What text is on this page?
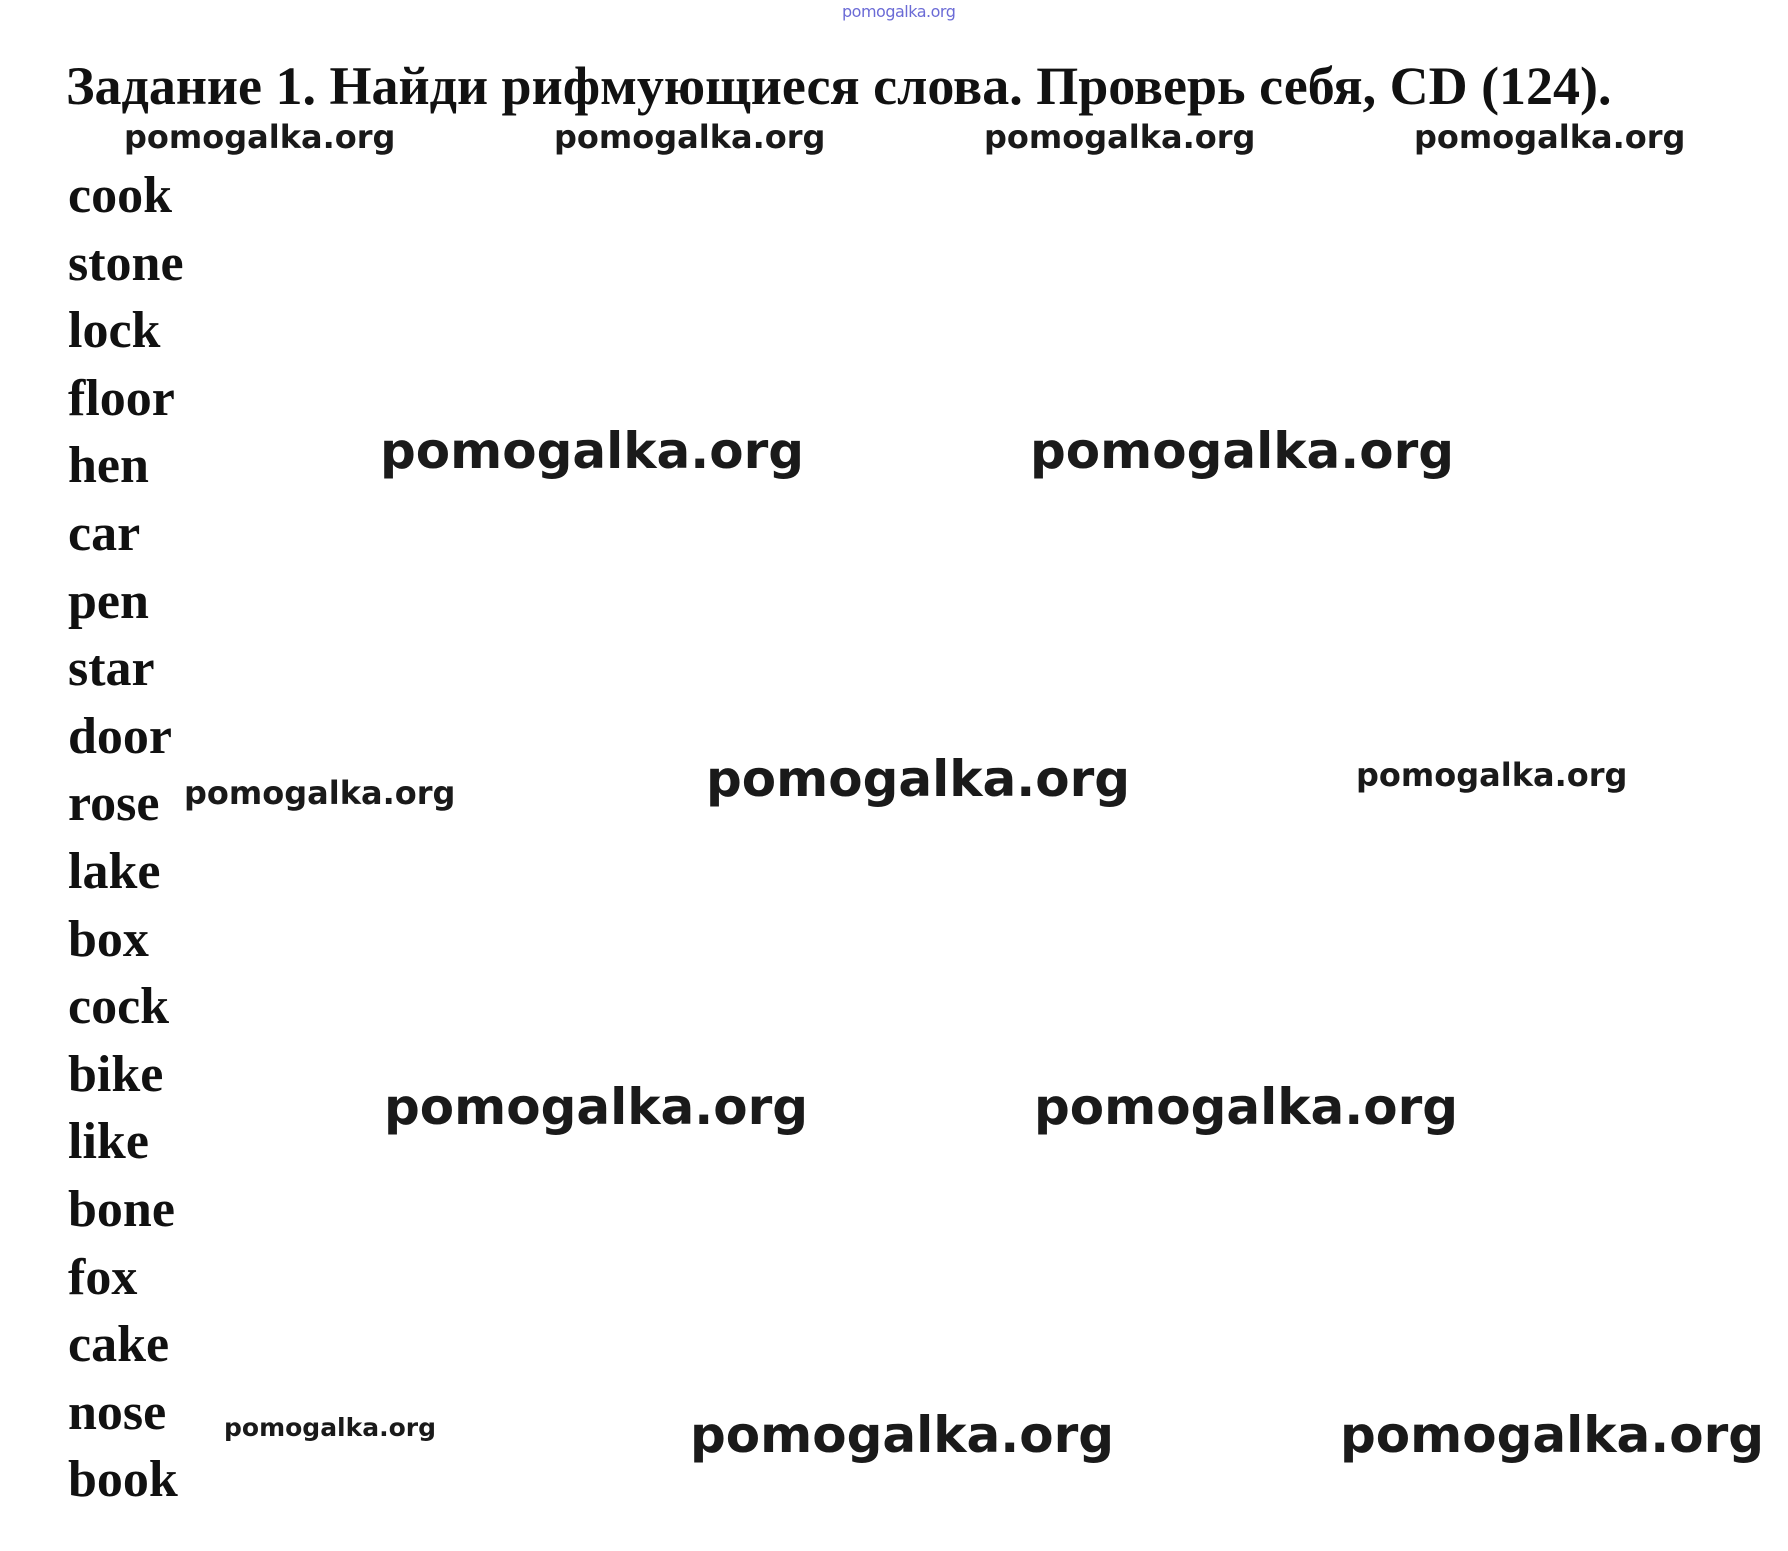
pomogalka.org
Задание 1. Найди рифмующиеся слова. Проверь себя, CD (124).
pomogalka.org	pomogalka.org	pomogalka.org	pomogalka.org
cook
stone
lock
floor
hen
car
pen
star
door
rose
lake
box
cock
bike
like
bone
fox
cake
nose
book
pomogalka.org	pomogalka.org
pomogalka.org	pomogalka.org	pomogalka.org
pomogalka.org	pomogalka.org
pomogalka.org	pomogalka.org	pomogalka.org
